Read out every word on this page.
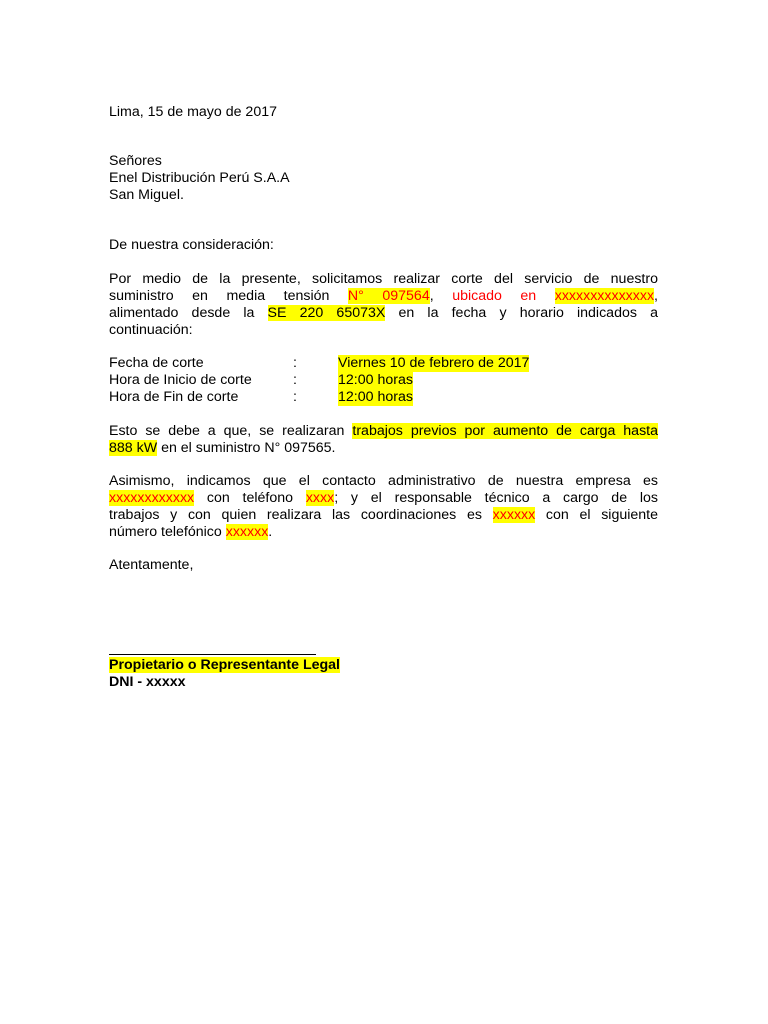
Lima, 15 de mayo de 2017
Señores
Enel Distribución Perú S.A.A
San Miguel.
De nuestra consideración:
Por medio de la presente, solicitamos realizar corte del servicio de nuestro
suministro en media tensión N° 097564, ubicado en xxxxxxxxxxxxxx,
alimentado desde la SE 220 65073X en la fecha y horario indicados a
continuación:
Fecha de corte	:	Viernes 10 de febrero de 2017
Hora de Inicio de corte	:	12:00 horas
Hora de Fin de corte	:	12:00 horas
Esto se debe a que, se realizaran trabajos previos por aumento de carga hasta
888 kW en el suministro N° 097565.
Asimismo, indicamos que el contacto administrativo de nuestra empresa es
xxxxxxxxxxxx con teléfono xxxx; y el responsable técnico a cargo de los
trabajos y con quien realizara las coordinaciones es xxxxxx con el siguiente
número telefónico xxxxxx.
Atentamente,
Propietario o Representante Legal
DNI - xxxxx
